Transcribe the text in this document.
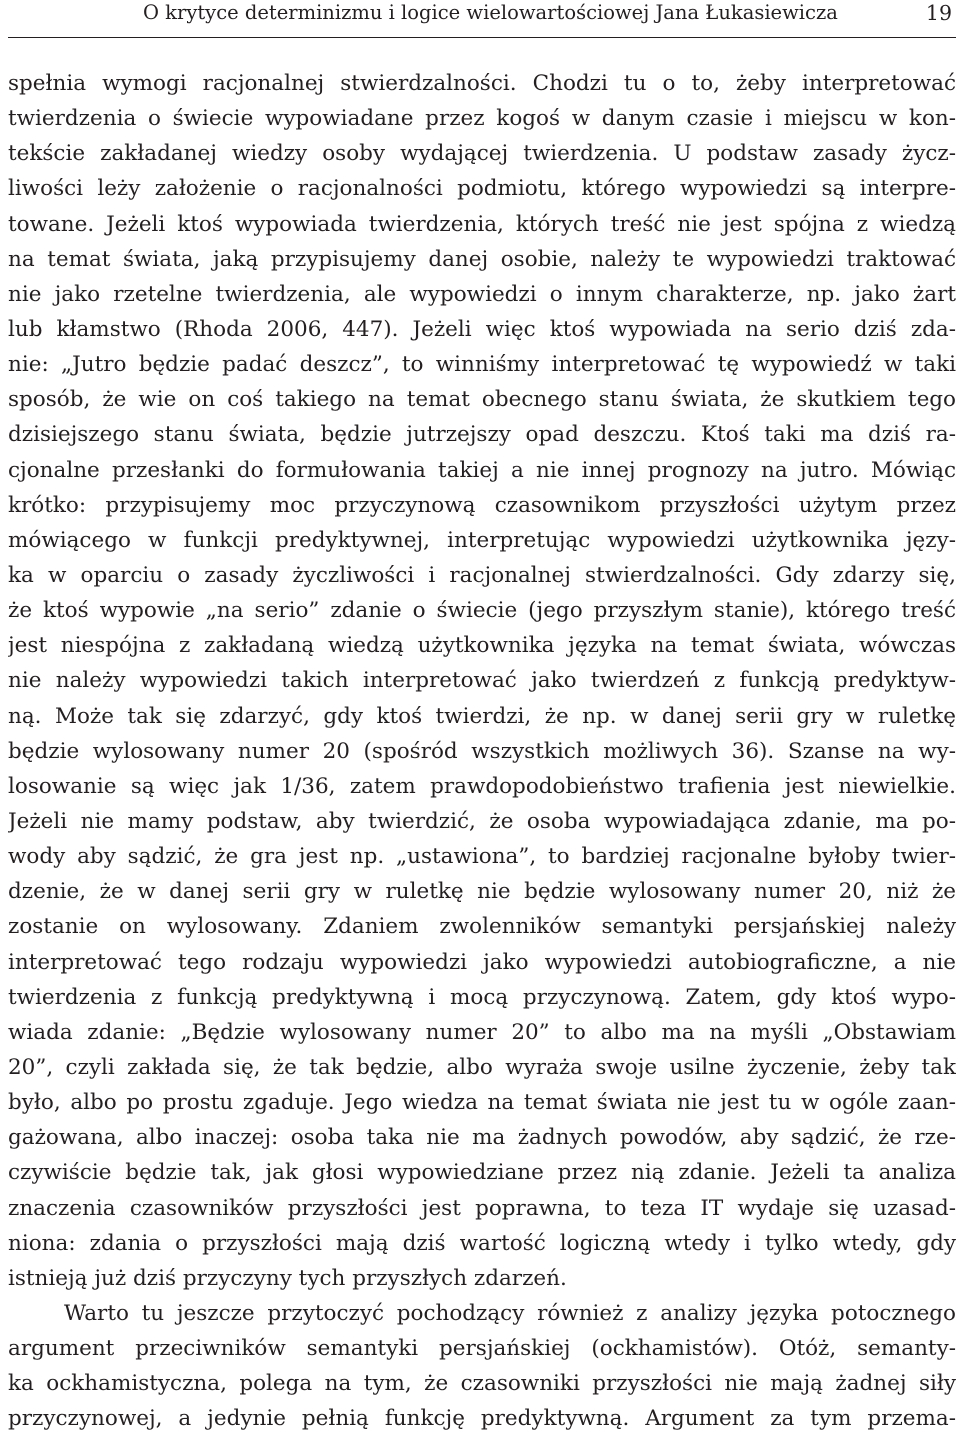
O krytyce determinizmu i logice wielowartościowej Jana Łukasiewicza	19
spełnia wymogi racjonalnej stwierdzalności. Chodzi tu o to, żeby interpretować
twierdzenia o świecie wypowiadane przez kogoś w danym czasie i miejscu w kon-
tekście zakładanej wiedzy osoby wydającej twierdzenia. U podstaw zasady życz-
liwości leży założenie o racjonalności podmiotu, którego wypowiedzi są interpre-
towane. Jeżeli ktoś wypowiada twierdzenia, których treść nie jest spójna z wiedzą
na temat świata, jaką przypisujemy danej osobie, należy te wypowiedzi traktować
nie jako rzetelne twierdzenia, ale wypowiedzi o innym charakterze, np. jako żart
lub kłamstwo (Rhoda 2006, 447). Jeżeli więc ktoś wypowiada na serio dziś zda-
nie: „Jutro będzie padać deszcz”, to winniśmy interpretować tę wypowiedź w taki
sposób, że wie on coś takiego na temat obecnego stanu świata, że skutkiem tego
dzisiejszego stanu świata, będzie jutrzejszy opad deszczu. Ktoś taki ma dziś ra-
cjonalne przesłanki do formułowania takiej a nie innej prognozy na jutro. Mówiąc
krótko: przypisujemy moc przyczynową czasownikom przyszłości użytym przez
mówiącego w funkcji predyktywnej, interpretując wypowiedzi użytkownika języ-
ka w oparciu o zasady życzliwości i racjonalnej stwierdzalności. Gdy zdarzy się,
że ktoś wypowie „na serio” zdanie o świecie (jego przyszłym stanie), którego treść
jest niespójna z zakładaną wiedzą użytkownika języka na temat świata, wówczas
nie należy wypowiedzi takich interpretować jako twierdzeń z funkcją predyktyw-
ną. Może tak się zdarzyć, gdy ktoś twierdzi, że np. w danej serii gry w ruletkę
będzie wylosowany numer 20 (spośród wszystkich możliwych 36). Szanse na wy-
losowanie są więc jak 1/36, zatem prawdopodobieństwo trafienia jest niewielkie.
Jeżeli nie mamy podstaw, aby twierdzić, że osoba wypowiadająca zdanie, ma po-
wody aby sądzić, że gra jest np. „ustawiona”, to bardziej racjonalne byłoby twier-
dzenie, że w danej serii gry w ruletkę nie będzie wylosowany numer 20, niż że
zostanie on wylosowany. Zdaniem zwolenników semantyki persjańskiej należy
interpretować tego rodzaju wypowiedzi jako wypowiedzi autobiograficzne, a nie
twierdzenia z funkcją predyktywną i mocą przyczynową. Zatem, gdy ktoś wypo-
wiada zdanie: „Będzie wylosowany numer 20” to albo ma na myśli „Obstawiam
20”, czyli zakłada się, że tak będzie, albo wyraża swoje usilne życzenie, żeby tak
było, albo po prostu zgaduje. Jego wiedza na temat świata nie jest tu w ogóle zaan-
gażowana, albo inaczej: osoba taka nie ma żadnych powodów, aby sądzić, że rze-
czywiście będzie tak, jak głosi wypowiedziane przez nią zdanie. Jeżeli ta analiza
znaczenia czasowników przyszłości jest poprawna, to teza IT wydaje się uzasad-
niona: zdania o przyszłości mają dziś wartość logiczną wtedy i tylko wtedy, gdy
istnieją już dziś przyczyny tych przyszłych zdarzeń.
Warto tu jeszcze przytoczyć pochodzący również z analizy języka potocznego
argument przeciwników semantyki persjańskiej (ockhamistów). Otóż, semanty-
ka ockhamistyczna, polega na tym, że czasowniki przyszłości nie mają żadnej siły
przyczynowej, a jedynie pełnią funkcję predyktywną. Argument za tym przema-
